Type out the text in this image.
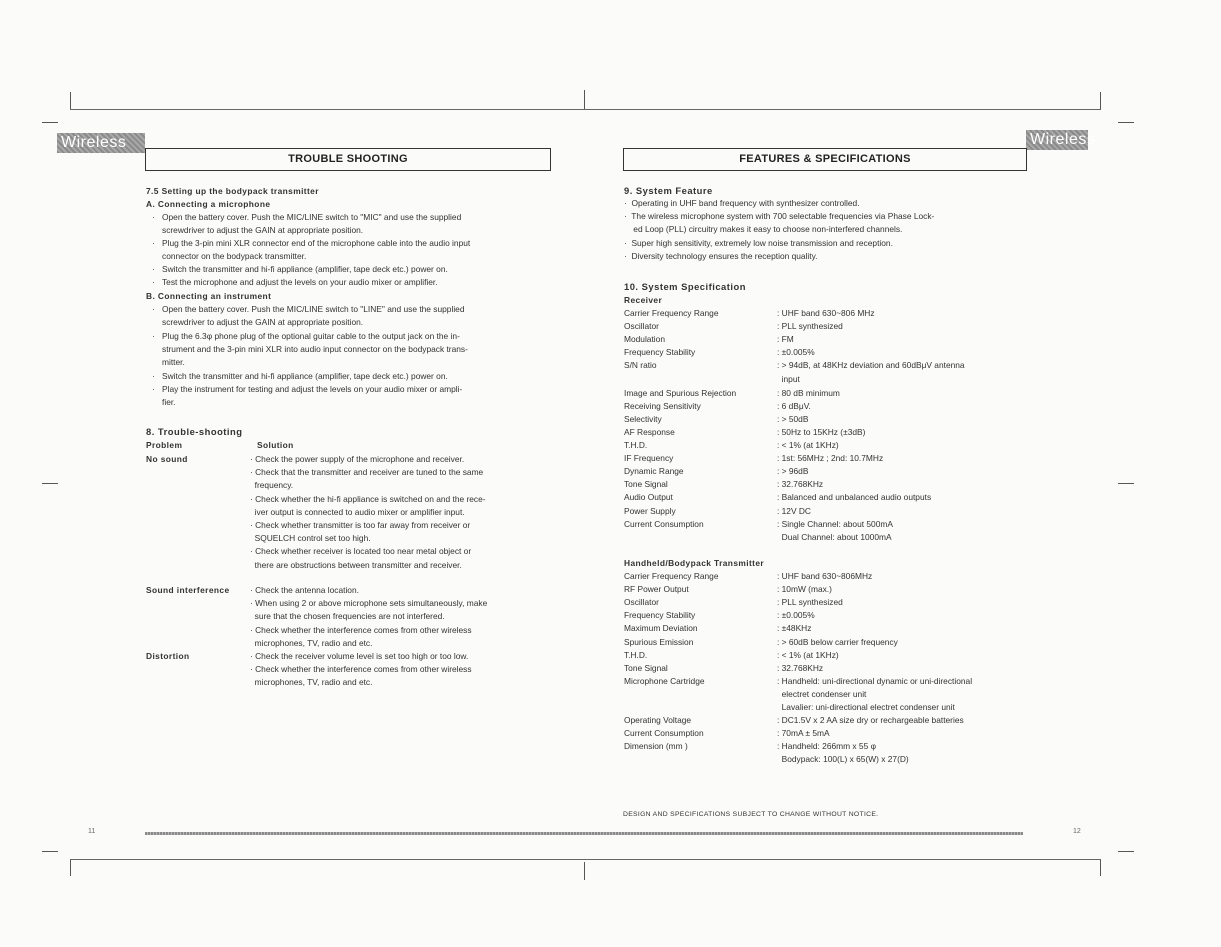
Wireless
TROUBLE SHOOTING
7.5 Setting up the bodypack transmitter
A. Connecting a microphone
· Open the battery cover. Push the MIC/LINE switch to "MIC" and use the supplied
screwdriver to adjust the GAIN at appropriate position.
· Plug the 3-pin mini XLR connector end of the microphone cable into the audio input
connector on the bodypack transmitter.
· Switch the transmitter and hi-fi appliance (amplifier, tape deck etc.) power on.
· Test the microphone and adjust the levels on your audio mixer or amplifier.
B. Connecting an instrument
· Open the battery cover. Push the MIC/LINE switch to "LINE" and use the supplied
screwdriver to adjust the GAIN at appropriate position.
· Plug the 6.3φ phone plug of the optional guitar cable to the output jack on the in-
strument and the 3-pin mini XLR into audio input connector on the bodypack trans-
mitter.
· Switch the transmitter and hi-fi appliance (amplifier, tape deck etc.) power on.
· Play the instrument for testing and adjust the levels on your audio mixer or ampli-
fier.
8. Trouble-shooting
Problem	Solution
No sound	· Check the power supply of the microphone and receiver.
· Check that the transmitter and receiver are tuned to the same
frequency.
· Check whether the hi-fi appliance is switched on and the rece-
iver output is connected to audio mixer or amplifier input.
· Check whether transmitter is too far away from receiver or
SQUELCH control set too high.
· Check whether receiver is located too near metal object or
there are obstructions between transmitter and receiver.
Sound interference · Check the antenna location.
· When using 2 or above microphone sets simultaneously, make
sure that the chosen frequencies are not interfered.
· Check whether the interference comes from other wireless
microphones, TV, radio and etc.
Distortion	· Check the receiver volume level is set too high or too low.
· Check whether the interference comes from other wireless
microphones, TV, radio and etc.
11
Wireless
FEATURES & SPECIFICATIONS
9. System Feature
·  Operating in UHF band frequency with synthesizer controlled.
·  The wireless microphone system with 700 selectable frequencies via Phase Lock-
ed Loop (PLL) circuitry makes it easy to choose non-interfered channels.
·  Super high sensitivity, extremely low noise transmission and reception.
·  Diversity technology ensures the reception quality.
10. System Specification
Receiver
Carrier Frequency Range	: UHF band 630~806 MHz
Oscillator	: PLL synthesized
Modulation	: FM
Frequency Stability	: ±0.005%
S/N ratio	: > 94dB, at 48KHz deviation and 60dBμV antenna
input
Image and Spurious Rejection	: 80 dB minimum
Receiving Sensitivity	: 6 dBμV.
Selectivity	: > 50dB
AF Response	: 50Hz to 15KHz (±3dB)
T.H.D.	: < 1% (at 1KHz)
IF Frequency	: 1st: 56MHz ; 2nd: 10.7MHz
Dynamic Range	: > 96dB
Tone Signal	: 32.768KHz
Audio Output	: Balanced and unbalanced audio outputs
Power Supply	: 12V DC
Current Consumption	: Single Channel: about 500mA
Dual Channel: about 1000mA
Handheld/Bodypack Transmitter
Carrier Frequency Range	: UHF band 630~806MHz
RF Power Output	: 10mW (max.)
Oscillator	: PLL synthesized
Frequency Stability	: ±0.005%
Maximum Deviation	: ±48KHz
Spurious Emission	: > 60dB below carrier frequency
T.H.D.	: < 1% (at 1KHz)
Tone Signal	: 32.768KHz
Microphone Cartridge	: Handheld: uni-directional dynamic or uni-directional
electret condenser unit
Lavalier: uni-directional electret condenser unit
Operating Voltage	: DC1.5V x 2 AA size dry or rechargeable batteries
Current Consumption	: 70mA ± 5mA
Dimension (mm )	: Handheld: 266mm x 55 φ
Bodypack: 100(L) x 65(W) x 27(D)
DESIGN AND SPECIFICATIONS SUBJECT TO CHANGE WITHOUT NOTICE.
12
